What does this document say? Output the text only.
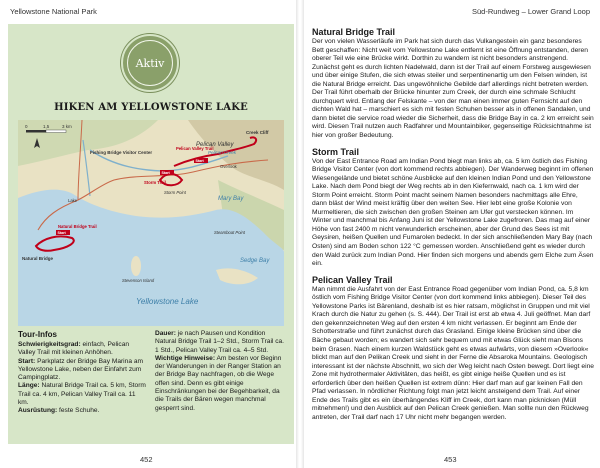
Yellowstone National Park
Aktiv
HIKEN AM YELLOWSTONE LAKE
0	1,5	3 km
Start
Start
Start
Pelican Valley
Pelican Creek
Creek Cliff
Fishing Bridge Visitor Center
Pelican Valley Trail
Overlook
Storm Trail
Storm Point
Mary Bay
Lake
Natural Bridge Trail
Natural Bridge
Steamboat Point
Sedge Bay
Stevenson Island
Yellowstone Lake
Tour-Infos
Schwierigkeitsgrad: einfach, Pelican Valley Trail mit kleinen Anhöhen.
Start: Parkplatz der Bridge Bay Marina am Yellowstone Lake, neben der Einfahrt zum Campingplatz.
Länge: Natural Bridge Trail ca. 5 km, Storm Trail ca. 4 km, Pelican Valley Trail ca. 11 km.
Ausrüstung: feste Schuhe.
Dauer: je nach Pausen und Kondition Natural Bridge Trail 1–2 Std., Storm Trail ca. 1 Std., Pelican Valley Trail ca. 4–5 Std.
Wichtige Hinweise: Am besten vor Beginn der Wanderungen in der Ranger Station an der Bridge Bay nachfragen, ob die Wege offen sind. Denn es gibt einige Einschränkungen bei der Begehbarkeit, da die Trails der Bären wegen manchmal gesperrt sind.
452
Süd-Rundweg – Lower Grand Loop
Natural Bridge Trail

Der von vielen Wasserläufe im Park hat sich durch das Vulkangestein ein ganz besonderes Bett geschaffen: Nicht weit vom Yellowstone Lake entfernt ist eine Öffnung entstanden, deren oberer Teil wie eine Brücke wirkt. Dorthin zu wandern ist nicht besonders anstrengend. Zunächst geht es durch lichten Nadelwald, dann ist der Trail auf einem Forstweg ausgewiesen und über einige Stufen, die sich etwas steiler und serpentinenartig um den Felsen winden, ist die Natural Bridge erreicht. Das ungewöhnliche Gebilde darf allerdings nicht betreten werden. Der Trail führt oberhalb der Brücke hinunter zum Creek, der durch eine schmale Schlucht durchquert wird. Entlang der Felskante – von der man einen immer guten Fernsicht auf den dichten Wald hat – marschiert es sich mit festen Schuhen besser als in offenen Sandalen, und dann bietet die service road wieder die Sicherheit, dass die Bridge Bay in ca. 2 km erreicht sein wird. Diesen Trail nutzen auch Radfahrer und Mountainbiker, gegenseitige Rücksichtnahme ist hier von großer Bedeutung.

Storm Trail

Von der East Entrance Road am Indian Pond biegt man links ab, ca. 5 km östlich des Fishing Bridge Visitor Center (von dort kommend rechts abbiegen). Der Wanderweg beginnt im offenen Wiesengelände und bietet schöne Ausblicke auf den kleinen Indian Pond und den Yellowstone Lake. Nach dem Pond biegt der Weg rechts ab in den Kiefernwald, nach ca. 1 km wird der Storm Point erreicht. Storm Point macht seinem Namen besonders nachmittags alle Ehre, dann bläst der Wind meist kräftig über den weiten See. Hier lebt eine große Kolonie von Murmeltieren, die sich zwischen den großen Steinen am Ufer gut verstecken können. Im Winter und manchmal bis Anfang Juni ist der Yellowstone Lake zugefroren. Das mag auf einer Höhe von fast 2400 m nicht verwunderlich erscheinen, aber der Grund des Sees ist mit Geysiren, heißen Quellen und Fumarolen bedeckt. In der sich anschließenden Mary Bay (nach Osten) sind am Boden schon 122 °C gemessen worden. Anschließend geht es wieder durch den Wald zurück zum Indian Pond. Hier finden sich morgens und abends gern Elche zum Äsen ein.

Pelican Valley Trail

Man nimmt die Ausfahrt von der East Entrance Road gegenüber vom Indian Pond, ca. 5,8 km östlich vom Fishing Bridge Visitor Center (von dort kommend links abbiegen). Dieser Teil des Yellowstone Parks ist Bärenland, deshalb ist es hier ratsam, möglichst in Gruppen und mit viel Krach durch die Natur zu gehen (s. S. 444). Der Trail ist erst ab etwa 4. Juli geöffnet. Man darf den gekennzeichneten Weg auf den ersten 4 km nicht verlassen. Er beginnt am Ende der Schotterstraße und führt zunächst durch das Grasland. Einige kleine Brücken sind über die Bäche gebaut worden; es wandert sich sehr bequem und mit etwas Glück sieht man Bisons beim Grasen. Nach einem kurzen Waldstück geht es etwas aufwärts, von diesem »Overlook« blickt man auf den Pelikan Creek und sieht in der Ferne die Absaroka Mountains. Geologisch interessant ist der nächste Abschnitt, wo sich der Weg leicht nach Osten bewegt. Dort liegt eine Zone mit hydrothermaler Aktivitäten, das heißt, es gibt einige heiße Quellen und es ist erforderlich über den heißen Quellen ist extrem dünn: Hier darf man auf gar keinen Fall den Pfad verlassen. In nördlicher Richtung folgt man jetzt leicht ansteigend dem Trail. Auf einer Ende des Trails gibt es ein überhängendes Kliff im Creek, dort kann man picknicken (Müll mitnehmen!) und den Ausblick auf den Pelican Creek genießen. Man sollte nun den Rückweg antreten, der Trail darf nach 17 Uhr nicht mehr begangen werden.

453
